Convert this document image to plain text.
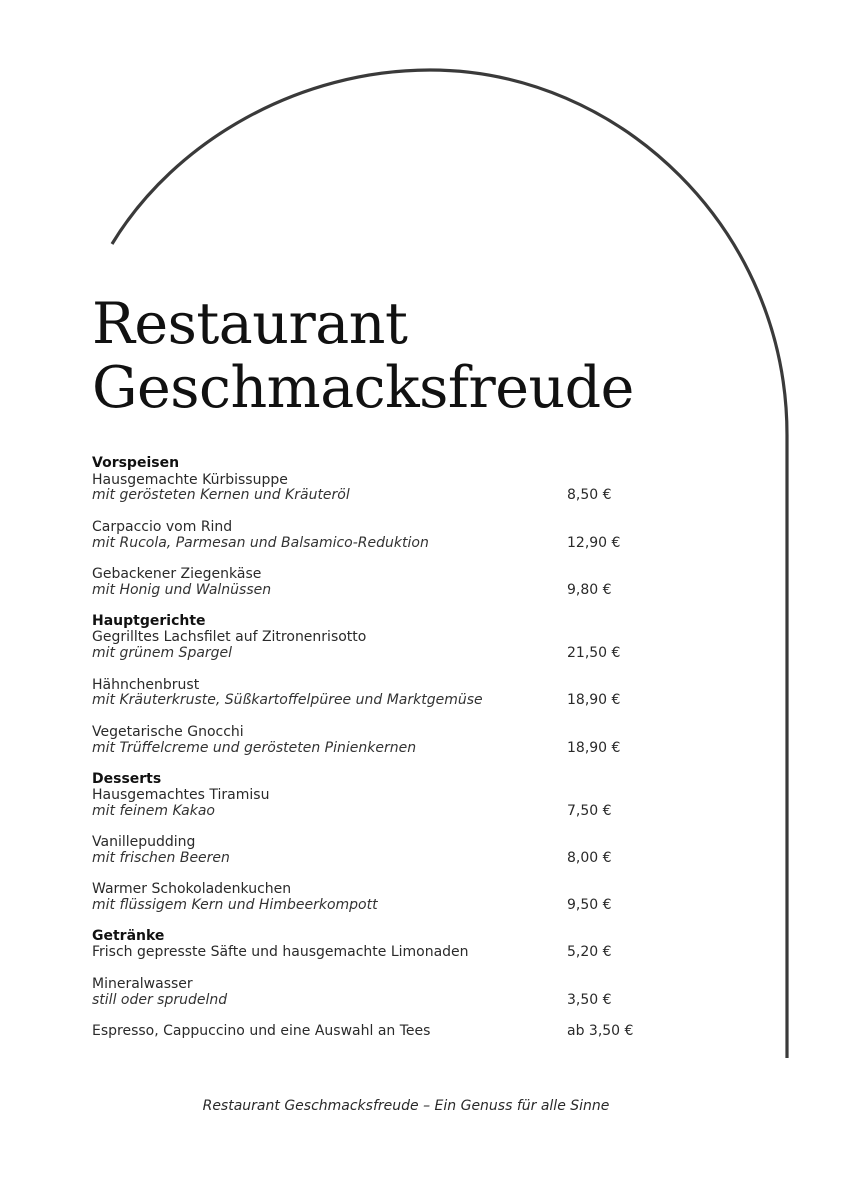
Restaurant
Geschmacksfreude
Vorspeisen
Hausgemachte Kürbissuppe
mit gerösteten Kernen und Kräuteröl	8,50 €
Carpaccio vom Rind
mit Rucola, Parmesan und Balsamico-Reduktion	12,90 €
Gebackener Ziegenkäse
mit Honig und Walnüssen	9,80 €
Hauptgerichte
Gegrilltes Lachsfilet auf Zitronenrisotto
mit grünem Spargel	21,50 €
Hähnchenbrust
mit Kräuterkruste, Süßkartoffelpüree und Marktgemüse	18,90 €
Vegetarische Gnocchi
mit Trüffelcreme und gerösteten Pinienkernen	18,90 €
Desserts
Hausgemachtes Tiramisu
mit feinem Kakao	7,50 €
Vanillepudding
mit frischen Beeren	8,00 €
Warmer Schokoladenkuchen
mit flüssigem Kern und Himbeerkompott	9,50 €
Getränke
Frisch gepresste Säfte und hausgemachte Limonaden	5,20 €
Mineralwasser
still oder sprudelnd	3,50 €
Espresso, Cappuccino und eine Auswahl an Tees	ab 3,50 €
Restaurant Geschmacksfreude – Ein Genuss für alle Sinne
